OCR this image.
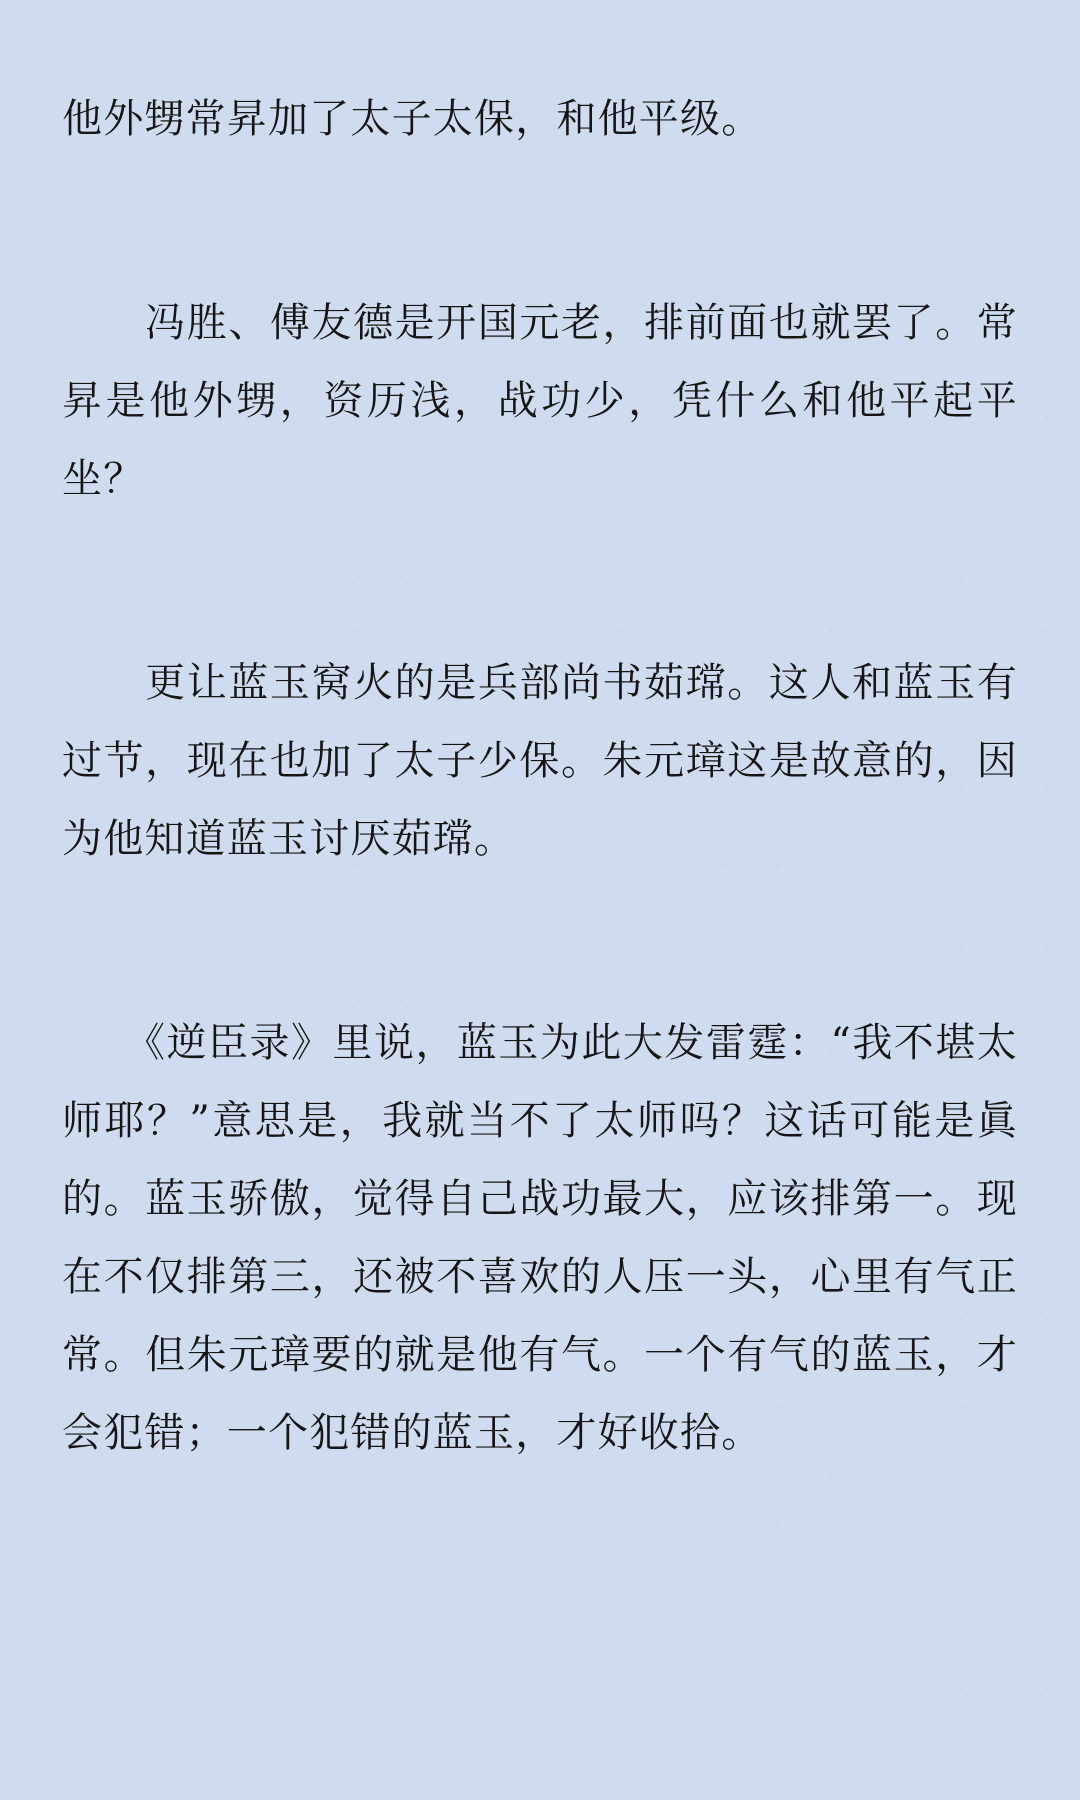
他外甥常昇加了太子太保，和他平级。

　　冯胜、傅友德是开国元老，排前面也就罢了。常昇是他外甥，资历浅，战功少，凭什么和他平起平坐？

　　更让蓝玉窝火的是兵部尚书茹瑺。这人和蓝玉有过节，现在也加了太子少保。朱元璋这是故意的，因为他知道蓝玉讨厌茹瑺。

　　《逆臣录》里说，蓝玉为此大发雷霆：“我不堪太师耶？”意思是，我就当不了太师吗？这话可能是眞的。蓝玉骄傲，觉得自己战功最大，应该排第一。现在不仅排第三，还被不喜欢的人压一头，心里有气正常。但朱元璋要的就是他有气。一个有气的蓝玉，才会犯错；一个犯错的蓝玉，才好收拾。
